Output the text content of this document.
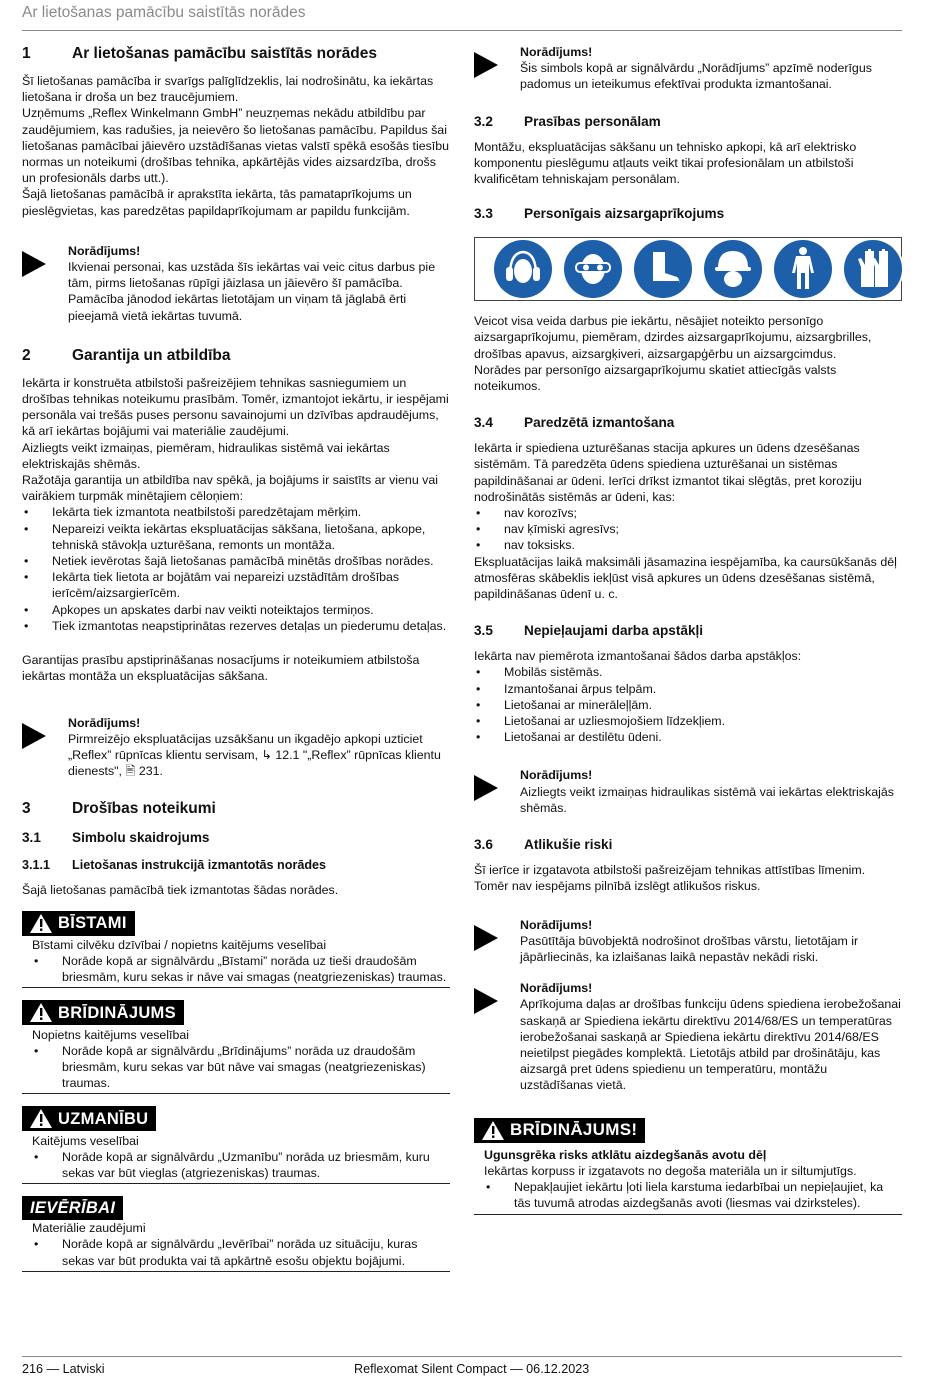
Ar lietošanas pamācību saistītās norādes
1	Ar lietošanas pamācību saistītās norādes

Šī lietošanas pamācība ir svarīgs palīglīdzeklis, lai nodrošinātu, ka iekārtas lietošana ir droša un bez traucējumiem.

Uzņēmums „Reflex Winkelmann GmbH” neuzņemas nekādu atbildību par zaudējumiem, kas radušies, ja neievēro šo lietošanas pamācību. Papildus šai lietošanas pamācībai jāievēro uzstādīšanas vietas valstī spēkā esošās tiesību normas un noteikumi (drošības tehnika, apkārtējās vides aizsardzība, drošs un profesionāls darbs utt.).

Šajā lietošanas pamācībā ir aprakstīta iekārta, tās pamataprīkojums un pieslēgvietas, kas paredzētas papildaprīkojumam ar papildu funkcijām.

Norādījums!
Ikvienai personai, kas uzstāda šīs iekārtas vai veic citus darbus pie tām, pirms lietošanas rūpīgi jāizlasa un jāievēro šī pamācība. Pamācība jānodod iekārtas lietotājam un viņam tā jāglabā ērti pieejamā vietā iekārtas tuvumā.
2	Garantija un atbildība

Iekārta ir konstruēta atbilstoši pašreizējiem tehnikas sasniegumiem un drošības tehnikas noteikumu prasībām. Tomēr, izmantojot iekārtu, ir iespējami personāla vai trešās puses personu savainojumi un dzīvības apdraudējums, kā arī iekārtas bojājumi vai materiālie zaudējumi.

Aizliegts veikt izmaiņas, piemēram, hidraulikas sistēmā vai iekārtas elektriskajās shēmās.

Ražotāja garantija un atbildība nav spēkā, ja bojājums ir saistīts ar vienu vai vairākiem turpmāk minētajiem cēloņiem:

• Iekārta tiek izmantota neatbilstoši paredzētajam mērķim.
• Nepareizi veikta iekārtas ekspluatācijas sākšana, lietošana, apkope, tehniskā stāvokļa uzturēšana, remonts un montāža.
• Netiek ievērotas šajā lietošanas pamācībā minētās drošības norādes.
• Iekārta tiek lietota ar bojātām vai nepareizi uzstādītām drošības ierīcēm/aizsargierīcēm.
• Apkopes un apskates darbi nav veikti noteiktajos termiņos.
• Tiek izmantotas neapstiprinātas rezerves detaļas un piederumu detaļas.

Garantijas prasību apstiprināšanas nosacījums ir noteikumiem atbilstoša iekārtas montāža un ekspluatācijas sākšana.

Norādījums!
Pirmreizējo ekspluatācijas uzsākšanu un ikgadējo apkopi uzticiet „Reflex” rūpnīcas klientu servisam, ↳ 12.1 "„Reflex” rūpnīcas klientu dienests", 🖹 231.
3	Drošības noteikumi
3.1	Simbolu skaidrojums
3.1.1	Lietošanas instrukcijā izmantotās norādes

Šajā lietošanas pamācībā tiek izmantotas šādas norādes.

BĪSTAMI
Bīstami cilvēku dzīvībai / nopietns kaitējums veselībai
• Norāde kopā ar signālvārdu „Bīstami” norāda uz tieši draudošām briesmām, kuru sekas ir nāve vai smagas (neatgriezeniskas) traumas.
BRĪDINĀJUMS
Nopietns kaitējums veselībai
• Norāde kopā ar signālvārdu „Brīdinājums” norāda uz draudošām briesmām, kuru sekas var būt nāve vai smagas (neatgriezeniskas) traumas.
UZMANĪBU
Kaitējums veselībai
• Norāde kopā ar signālvārdu „Uzmanību” norāda uz briesmām, kuru sekas var būt vieglas (atgriezeniskas) traumas.
IEVĒRĪBAI
Materiālie zaudējumi
• Norāde kopā ar signālvārdu „Ievērībai” norāda uz situāciju, kuras sekas var būt produkta vai tā apkārtnē esošu objektu bojājumi.
Norādījums!
Šis simbols kopā ar signālvārdu „Norādījums” apzīmē noderīgus padomus un ieteikumus efektīvai produkta izmantošanai.
3.2	Prasības personālam

Montāžu, ekspluatācijas sākšanu un tehnisko apkopi, kā arī elektrisko komponentu pieslēgumu atļauts veikt tikai profesionālam un atbilstoši kvalificētam tehniskajam personālam.

3.3	Personīgais aizsargaprīkojums

Veicot visa veida darbus pie iekārtu, nēsājiet noteikto personīgo aizsargaprīkojumu, piemēram, dzirdes aizsargaprīkojumu, aizsargbrilles, drošības apavus, aizsargķiveri, aizsargapģērbu un aizsargcimdus.

Norādes par personīgo aizsargaprīkojumu skatiet attiecīgās valsts noteikumos.

3.4	Paredzētā izmantošana

Iekārta ir spiediena uzturēšanas stacija apkures un ūdens dzesēšanas sistēmām. Tā paredzēta ūdens spiediena uzturēšanai un sistēmas papildināšanai ar ūdeni. Ierīci drīkst izmantot tikai slēgtās, pret koroziju nodrošinātās sistēmās ar ūdeni, kas:

• nav korozīvs;
• nav ķīmiski agresīvs;
• nav toksisks.

Ekspluatācijas laikā maksimāli jāsamazina iespējamība, ka caursūkšanās dēļ atmosfēras skābeklis iekļūst visā apkures un ūdens dzesēšanas sistēmā, papildināšanas ūdenī u. c.

3.5	Nepieļaujami darba apstākļi

Iekārta nav piemērota izmantošanai šādos darba apstākļos:

• Mobilās sistēmās.
• Izmantošanai ārpus telpām.
• Lietošanai ar minerāleļļām.
• Lietošanai ar uzliesmojošiem līdzekļiem.
• Lietošanai ar destilētu ūdeni.
Norādījums!
Aizliegts veikt izmaiņas hidraulikas sistēmā vai iekārtas elektriskajās shēmās.
3.6	Atlikušie riski

Šī ierīce ir izgatavota atbilstoši pašreizējam tehnikas attīstības līmenim. Tomēr nav iespējams pilnībā izslēgt atlikušos riskus.

Norādījums!
Pasūtītāja būvobjektā nodrošinot drošības vārstu, lietotājam ir jāpārliecinās, ka izlaišanas laikā nepastāv nekādi riski.
Norādījums!
Aprīkojuma daļas ar drošības funkciju ūdens spiediena ierobežošanai saskaņā ar Spiediena iekārtu direktīvu 2014/68/ES un temperatūras ierobežošanai saskaņā ar Spiediena iekārtu direktīvu 2014/68/ES neietilpst piegādes komplektā. Lietotājs atbild par drošinātāju, kas aizsargā pret ūdens spiedienu un temperatūru, montāžu uzstādīšanas vietā.
BRĪDINĀJUMS!
Ugunsgrēka risks atklātu aizdegšanās avotu dēļ
Iekārtas korpuss ir izgatavots no degoša materiāla un ir siltumjutīgs.
• Nepakļaujiet iekārtu ļoti liela karstuma iedarbībai un nepieļaujiet, ka tās tuvumā atrodas aizdegšanās avoti (liesmas vai dzirksteles).
216 — Latviski	Reflexomat Silent Compact — 06.12.2023
